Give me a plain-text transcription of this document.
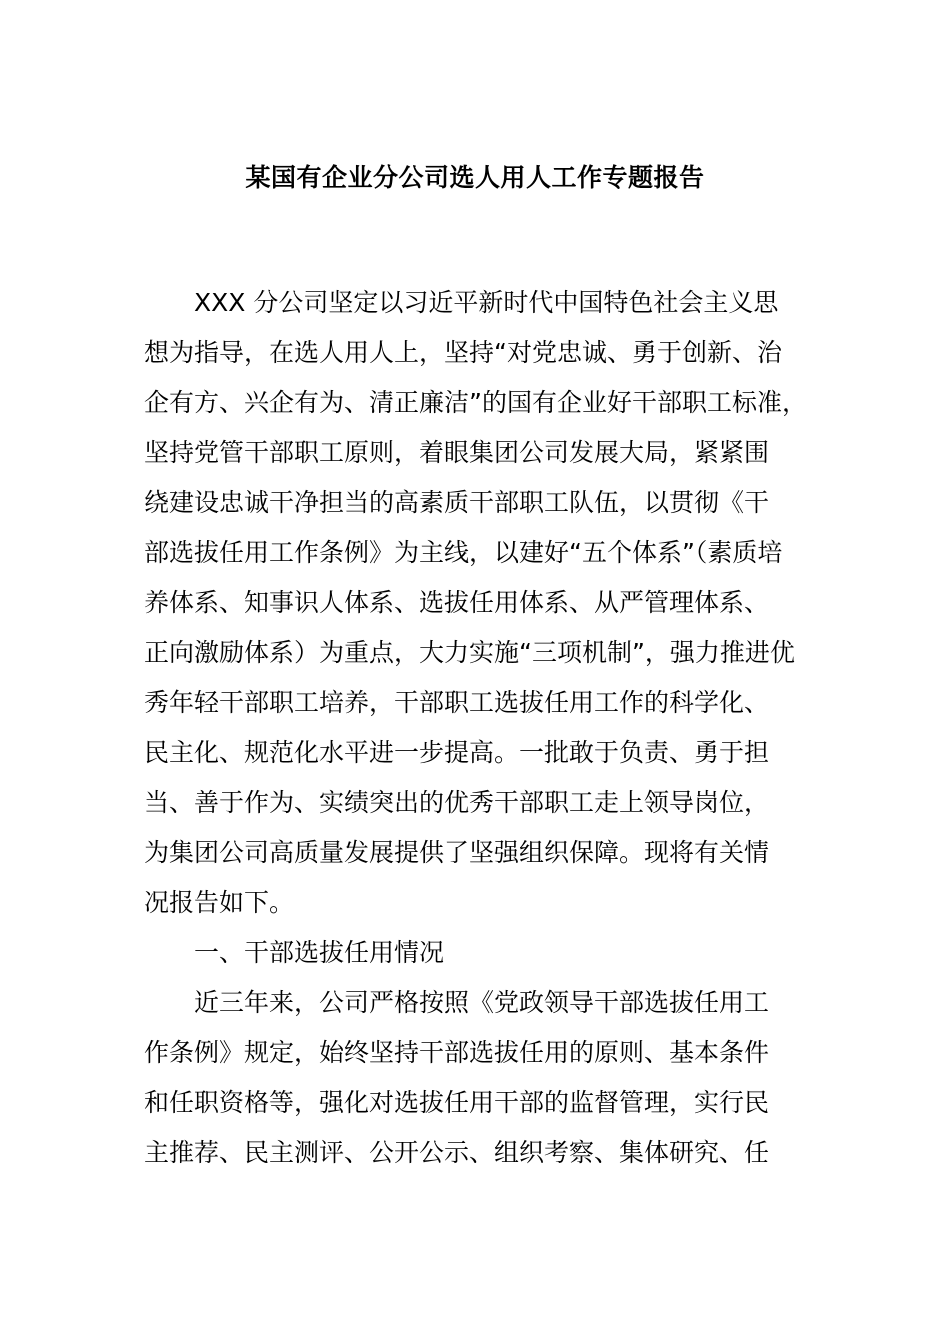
某国有企业分公司选人用人工作专题报告
XXX 分公司坚定以习近平新时代中国特色社会主义思
想为指导，在选人用人上，坚持“对党忠诚、勇于创新、治
企有方、兴企有为、清正廉洁”的国有企业好干部职工标准，
坚持党管干部职工原则，着眼集团公司发展大局，紧紧围
绕建设忠诚干净担当的高素质干部职工队伍，以贯彻《干
部选拔任用工作条例》为主线，以建好“五个体系”（素质培
养体系、知事识人体系、选拔任用体系、从严管理体系、
正向激励体系）为重点，大力实施“三项机制”，强力推进优
秀年轻干部职工培养，干部职工选拔任用工作的科学化、
民主化、规范化水平进一步提高。一批敢于负责、勇于担
当、善于作为、实绩突出的优秀干部职工走上领导岗位，
为集团公司高质量发展提供了坚强组织保障。现将有关情
况报告如下。
一、干部选拔任用情况
近三年来，公司严格按照《党政领导干部选拔任用工
作条例》规定，始终坚持干部选拔任用的原则、基本条件
和任职资格等，强化对选拔任用干部的监督管理，实行民
主推荐、民主测评、公开公示、组织考察、集体研究、任
